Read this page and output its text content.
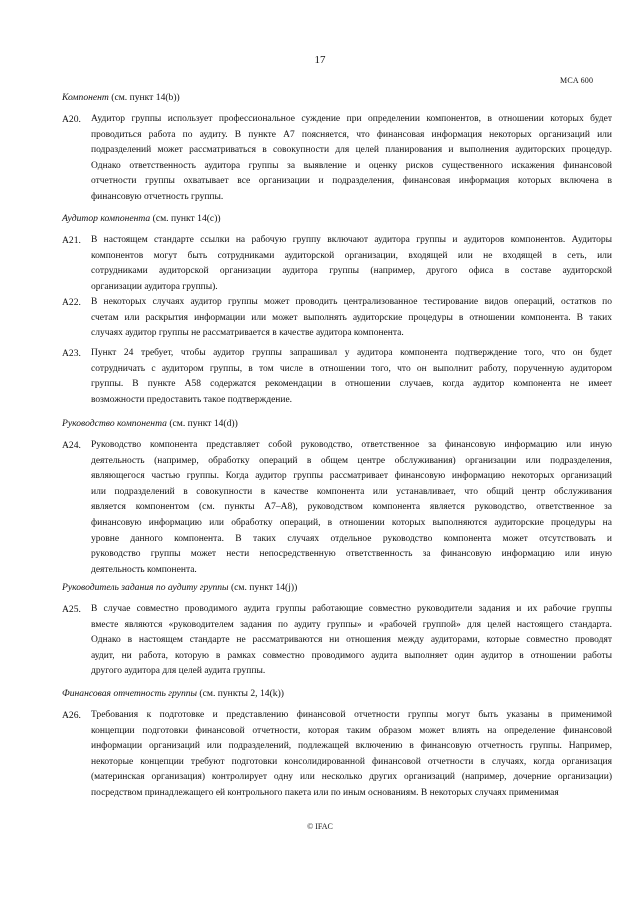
17
MCA 600
Компонент (см. пункт 14(b))
A20. Аудитор группы использует профессиональное суждение при определении компонентов, в отношении которых будет
проводиться работа по аудиту. В пункте A7 поясняется, что финансовая информация некоторых организаций или
подразделений может рассматриваться в совокупности для целей планирования и выполнения аудиторских процедур.
Однако ответственность аудитора группы за выявление и оценку рисков существенного искажения финансовой
отчетности группы охватывает все организации и подразделения, финансовая информация которых включена в
финансовую отчетность группы.
Аудитор компонента (см. пункт 14(c))
A21. В настоящем стандарте ссылки на рабочую группу включают аудитора группы и аудиторов компонентов. Аудиторы
компонентов могут быть сотрудниками аудиторской организации, входящей или не входящей в сеть, или
сотрудниками аудиторской организации аудитора группы (например, другого офиса в составе аудиторской
организации аудитора группы).
A22. В некоторых случаях аудитор группы может проводить централизованное тестирование видов операций, остатков по
счетам или раскрытия информации или может выполнять аудиторские процедуры в отношении компонента. В таких
случаях аудитор группы не рассматривается в качестве аудитора компонента.
A23. Пункт 24 требует, чтобы аудитор группы запрашивал у аудитора компонента подтверждение того, что он будет
сотрудничать с аудитором группы, в том числе в отношении того, что он выполнит работу, порученную аудитором
группы. В пункте A58 содержатся рекомендации в отношении случаев, когда аудитор компонента не имеет
возможности предоставить такое подтверждение.
Руководство компонента (см. пункт 14(d))
A24. Руководство компонента представляет собой руководство, ответственное за финансовую информацию или иную
деятельность (например, обработку операций в общем центре обслуживания) организации или подразделения,
являющегося частью группы. Когда аудитор группы рассматривает финансовую информацию некоторых организаций
или подразделений в совокупности в качестве компонента или устанавливает, что общий центр обслуживания
является компонентом (см. пункты A7–A8), руководством компонента является руководство, ответственное за
финансовую информацию или обработку операций, в отношении которых выполняются аудиторские процедуры на
уровне данного компонента. В таких случаях отдельное руководство компонента может отсутствовать и
руководство группы может нести непосредственную ответственность за финансовую информацию или иную
деятельность компонента.
Руководитель задания по аудиту группы (см. пункт 14(j))
A25. В случае совместно проводимого аудита группы работающие совместно руководители задания и их рабочие группы
вместе являются «руководителем задания по аудиту группы» и «рабочей группой» для целей настоящего стандарта.
Однако в настоящем стандарте не рассматриваются ни отношения между аудиторами, которые совместно проводят
аудит, ни работа, которую в рамках совместно проводимого аудита выполняет один аудитор в отношении работы
другого аудитора для целей аудита группы.
Финансовая отчетность группы (см. пункты 2, 14(k))
A26. Требования к подготовке и представлению финансовой отчетности группы могут быть указаны в применимой
концепции подготовки финансовой отчетности, которая таким образом может влиять на определение финансовой
информации организаций или подразделений, подлежащей включению в финансовую отчетность группы. Например,
некоторые концепции требуют подготовки консолидированной финансовой отчетности в случаях, когда организация
(материнская организация) контролирует одну или несколько других организаций (например, дочерние организации)
посредством принадлежащего ей контрольного пакета или по иным основаниям. В некоторых случаях применимая
© IFAC
